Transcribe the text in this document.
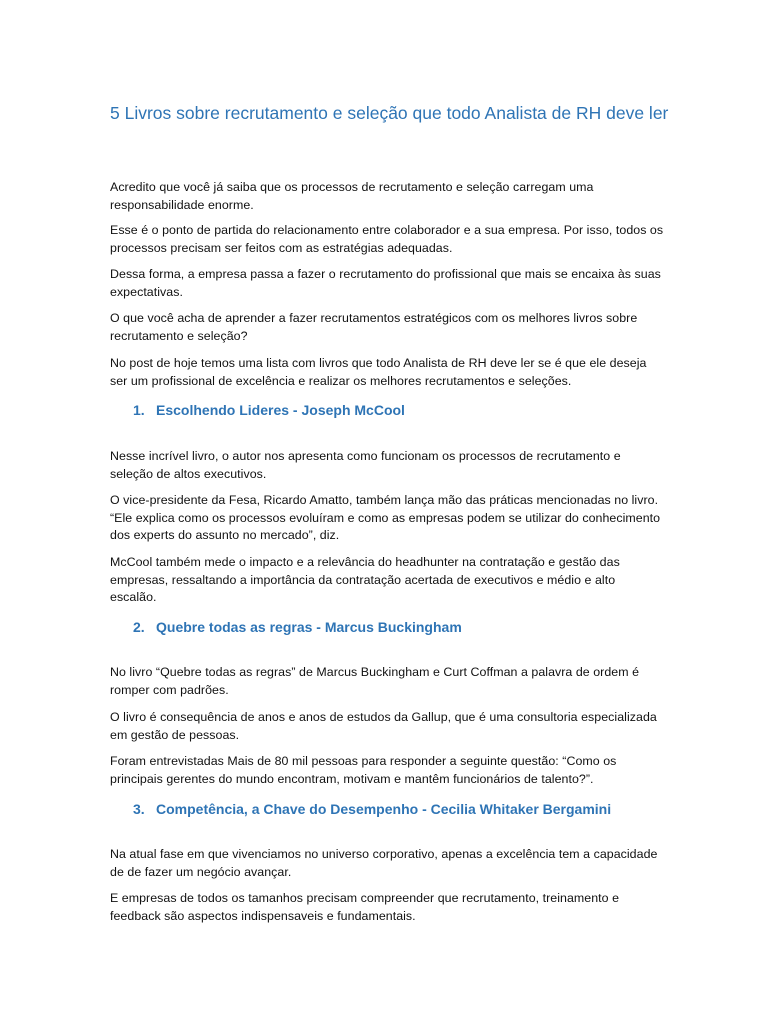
5 Livros sobre recrutamento e seleção que todo Analista de RH deve ler

Acredito que você já saiba que os processos de recrutamento e seleção carregam uma responsabilidade enorme.

Esse é o ponto de partida do relacionamento entre colaborador e a sua empresa. Por isso, todos os processos precisam ser feitos com as estratégias adequadas.

Dessa forma, a empresa passa a fazer o recrutamento do profissional que mais se encaixa às suas expectativas.

O que você acha de aprender a fazer recrutamentos estratégicos com os melhores livros sobre recrutamento e seleção?

No post de hoje temos uma lista com livros que todo Analista de RH deve ler se é que ele deseja ser um profissional de excelência e realizar os melhores recrutamentos e seleções.

1. Escolhendo Lideres - Joseph McCool

Nesse incrível livro, o autor nos apresenta como funcionam os processos de recrutamento e seleção de altos executivos.

O vice-presidente da Fesa, Ricardo Amatto, também lança mão das práticas mencionadas no livro. “Ele explica como os processos evoluíram e como as empresas podem se utilizar do conhecimento dos experts do assunto no mercado”, diz.

McCool também mede o impacto e a relevância do headhunter na contratação e gestão das empresas, ressaltando a importância da contratação acertada de executivos e médio e alto escalão.

2. Quebre todas as regras - Marcus Buckingham

No livro “Quebre todas as regras” de Marcus Buckingham e Curt Coffman a palavra de ordem é romper com padrões.

O livro é consequência de anos e anos de estudos da Gallup, que é uma consultoria especializada em gestão de pessoas.

Foram entrevistadas Mais de 80 mil pessoas para responder a seguinte questão: “Como os principais gerentes do mundo encontram, motivam e mantêm funcionários de talento?”.

3. Competência, a Chave do Desempenho - Cecilia Whitaker Bergamini

Na atual fase em que vivenciamos no universo corporativo, apenas a excelência tem a capacidade de de fazer um negócio avançar.

E empresas de todos os tamanhos precisam compreender que recrutamento, treinamento e feedback são aspectos indispensaveis e fundamentais.
